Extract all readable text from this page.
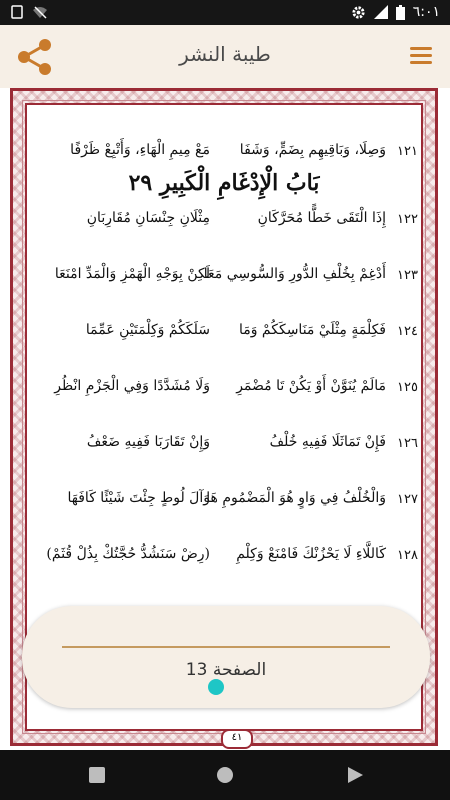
٦:٠١
طيبة النشر
٤١
١٢١
وَصِلَا، وَبَاقِيهِم بِضَمٍّ، وَشَفَا
مَعْ مِيمِ الْهَاءِ، وَأَتْبِعْ ظَرْفًا
بَابُ الْإِدْغَامِ الْكَبِيرِ ٢٩
١٢٢
إِذَا الْتَقَى خَطًّا مُحَرَّكَانِ
مِثْلَانِ جِنْسَانِ مُقَارِبَانِ
١٢٣
أَدْغِمْ بِخُلْفِ الدُّورِ وَالسُّوسِي مَعَا
لَكِنْ بِوَجْهِ الْهَمْزِ وَالْمَدِّ امْنَعَا
١٢٤
فَكِلْمَةٍ مِثْلَيْ مَنَاسِكَكُمْ وَمَا
سَلَكَكُمْ وَكِلْمَتَيْنِ عَمِّمَا
١٢٥
مَالَمْ يُنَوَّنْ أَوْ يَكُنْ تَا مُضْمَرِ
وَلَا مُشَدَّدًا وَفِي الْجَزْمِ انْظُرِ
١٢٦
فَإِنْ تَمَاثَلَا فَفِيهِ خُلْفُ
وَإِنْ تَقَارَبَا فَفِيهِ ضَعْفُ
١٢٧
وَالْخُلْفُ فِي وَاوٍ هُوَ الْمَضْمُومِ هَا
وَآلَ لُوطٍ جِئْتَ شَيْئًا كَافَهَا
١٢٨
كَاللَّاءِ لَا يَحْزُنْكَ فَامْنَعْ وَكِلْمِ
(رِضْ سَنَشُدُّ حُجَّتُكْ بِذُلْ قُثَمْ)
الصفحة 13
